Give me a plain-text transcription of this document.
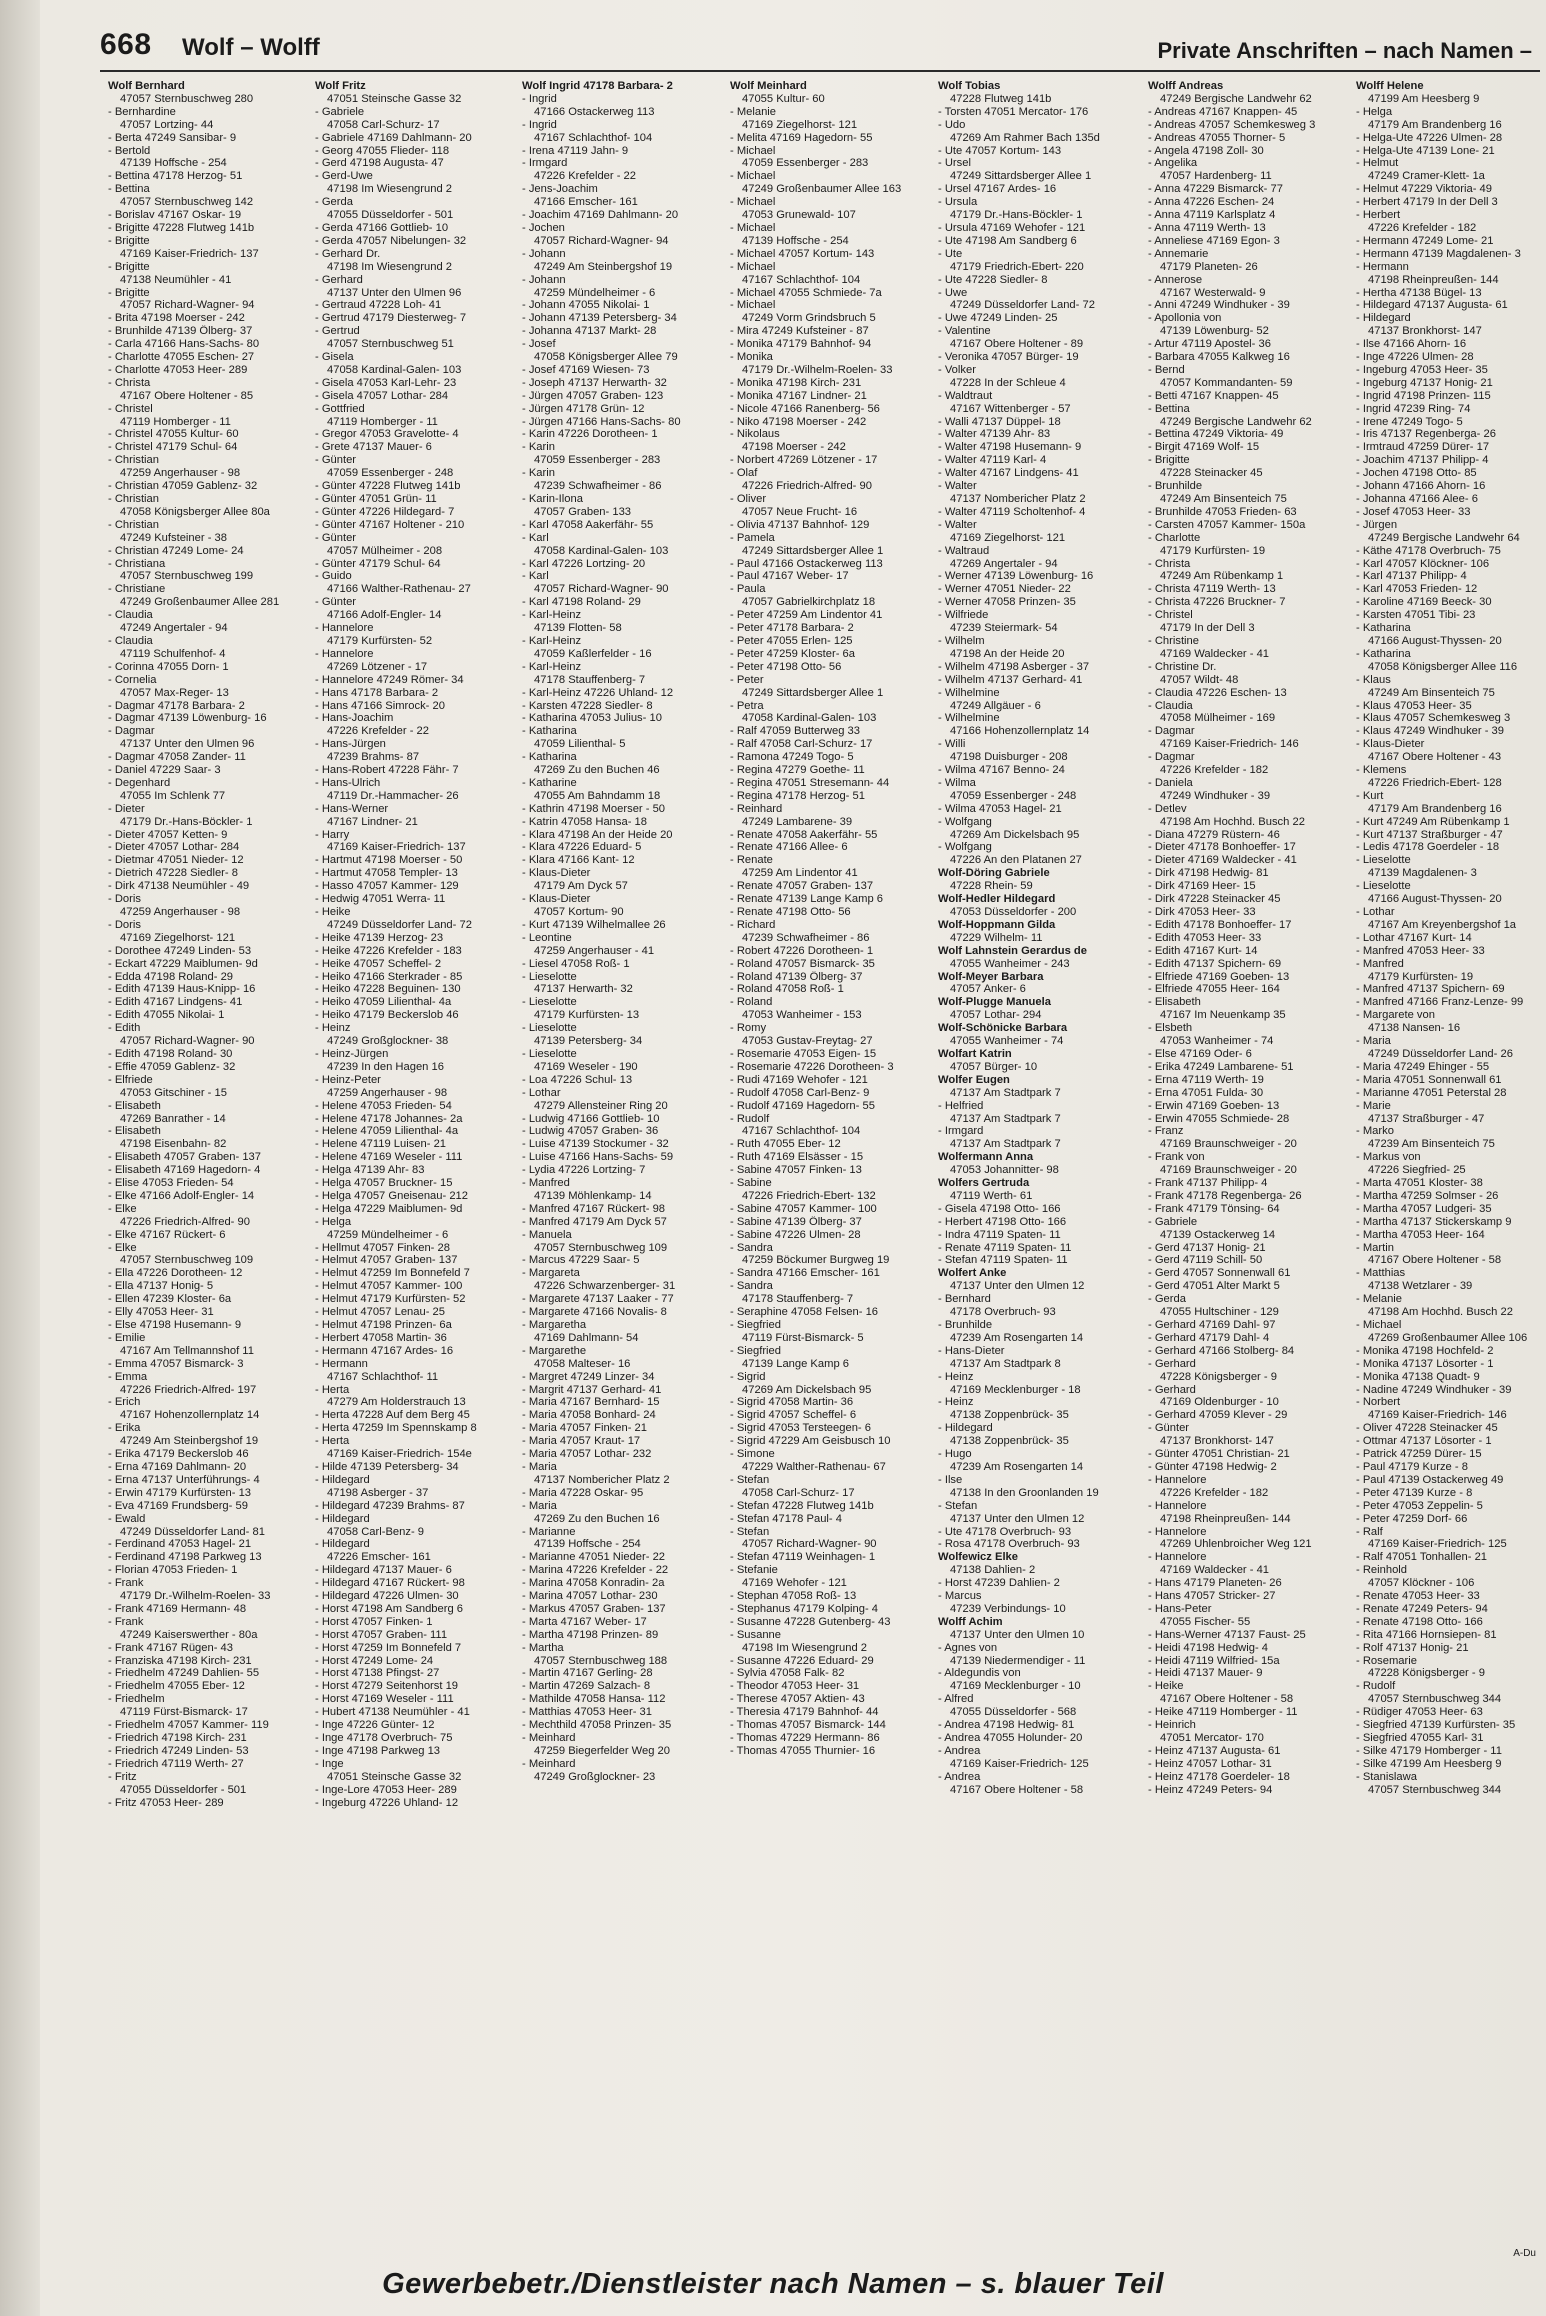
668 Wolf – Wolff	Private Anschriften – nach Namen –
Wolf Bernhard
47057 Sternbuschweg 280
- Bernhardine
47057 Lortzing- 44
- Berta 47249 Sansibar- 9
- Bertold
47139 Hoffsche - 254
- Bettina 47178 Herzog- 51
- Bettina
47057 Sternbuschweg 142
- Borislav 47167 Oskar- 19
- Brigitte 47228 Flutweg 141b
- Brigitte
47169 Kaiser-Friedrich- 137
- Brigitte
47138 Neumühler - 41
- Brigitte
47057 Richard-Wagner- 94
- Brita 47198 Moerser - 242
- Brunhilde 47139 Ölberg- 37
- Carla 47166 Hans-Sachs- 80
- Charlotte 47055 Eschen- 27
- Charlotte 47053 Heer- 289
- Christa
47167 Obere Holtener - 85
- Christel
47119 Homberger - 11
- Christel 47055 Kultur- 60
- Christel 47179 Schul- 64
- Christian
47259 Angerhauser - 98
- Christian 47059 Gablenz- 32
- Christian
47058 Königsberger Allee 80a
- Christian
47249 Kufsteiner - 38
- Christian 47249 Lome- 24
- Christiana
47057 Sternbuschweg 199
- Christiane
47249 Großenbaumer Allee 281
- Claudia
47249 Angertaler - 94
- Claudia
47119 Schulfenhof- 4
- Corinna 47055 Dorn- 1
- Cornelia
47057 Max-Reger- 13
- Dagmar 47178 Barbara- 2
- Dagmar 47139 Löwenburg- 16
- Dagmar
47137 Unter den Ulmen 96
- Dagmar 47058 Zander- 11
- Daniel 47229 Saar- 3
- Degenhard
47055 Im Schlenk 77
- Dieter
47179 Dr.-Hans-Böckler- 1
- Dieter 47057 Ketten- 9
- Dieter 47057 Lothar- 284
- Dietmar 47051 Nieder- 12
- Dietrich 47228 Siedler- 8
- Dirk 47138 Neumühler - 49
- Doris
47259 Angerhauser - 98
- Doris
47169 Ziegelhorst- 121
- Dorothee 47249 Linden- 53
- Eckart 47229 Maiblumen- 9d
- Edda 47198 Roland- 29
- Edith 47139 Haus-Knipp- 16
- Edith 47167 Lindgens- 41
- Edith 47055 Nikolai- 1
- Edith
47057 Richard-Wagner- 90
- Edith 47198 Roland- 30
- Effie 47059 Gablenz- 32
- Elfriede
47053 Gitschiner - 15
- Elisabeth
47269 Banrather - 14
- Elisabeth
47198 Eisenbahn- 82
- Elisabeth 47057 Graben- 137
- Elisabeth 47169 Hagedorn- 4
- Elise 47053 Frieden- 54
- Elke 47166 Adolf-Engler- 14
- Elke
47226 Friedrich-Alfred- 90
- Elke 47167 Rückert- 6
- Elke
47057 Sternbuschweg 109
- Ella 47226 Dorotheen- 12
- Ella 47137 Honig- 5
- Ellen 47239 Kloster- 6a
- Elly 47053 Heer- 31
- Else 47198 Husemann- 9
- Emilie
47167 Am Tellmannshof 11
- Emma 47057 Bismarck- 3
- Emma
47226 Friedrich-Alfred- 197
- Erich
47167 Hohenzollernplatz 14
- Erika
47249 Am Steinbergshof 19
- Erika 47179 Beckerslob 46
- Erna 47169 Dahlmann- 20
- Erna 47137 Unterführungs- 4
- Erwin 47179 Kurfürsten- 13
- Eva 47169 Frundsberg- 59
- Ewald
47249 Düsseldorfer Land- 81
- Ferdinand 47053 Hagel- 21
- Ferdinand 47198 Parkweg 13
- Florian 47053 Frieden- 1
- Frank
47179 Dr.-Wilhelm-Roelen- 33
- Frank 47169 Hermann- 48
- Frank
47249 Kaiserswerther - 80a
- Frank 47167 Rügen- 43
- Franziska 47198 Kirch- 231
- Friedhelm 47249 Dahlien- 55
- Friedhelm 47055 Eber- 12
- Friedhelm
47119 Fürst-Bismarck- 17
- Friedhelm 47057 Kammer- 119
- Friedrich 47198 Kirch- 231
- Friedrich 47249 Linden- 53
- Friedrich 47119 Werth- 27
- Fritz
47055 Düsseldorfer - 501
- Fritz 47053 Heer- 289
Wolf Fritz
47051 Steinsche Gasse 32
- Gabriele
47058 Carl-Schurz- 17
- Gabriele 47169 Dahlmann- 20
- Georg 47055 Flieder- 118
- Gerd 47198 Augusta- 47
- Gerd-Uwe
47198 Im Wiesengrund 2
- Gerda
47055 Düsseldorfer - 501
- Gerda 47166 Gottlieb- 10
- Gerda 47057 Nibelungen- 32
- Gerhard Dr.
47198 Im Wiesengrund 2
- Gerhard
47137 Unter den Ulmen 96
- Gertraud 47228 Loh- 41
- Gertrud 47179 Diesterweg- 7
- Gertrud
47057 Sternbuschweg 51
- Gisela
47058 Kardinal-Galen- 103
- Gisela 47053 Karl-Lehr- 23
- Gisela 47057 Lothar- 284
- Gottfried
47119 Homberger - 11
- Gregor 47053 Gravelotte- 4
- Grete 47137 Mauer- 6
- Günter
47059 Essenberger - 248
- Günter 47228 Flutweg 141b
- Günter 47051 Grün- 11
- Günter 47226 Hildegard- 7
- Günter 47167 Holtener - 210
- Günter
47057 Mülheimer - 208
- Günter 47179 Schul- 64
- Guido
47166 Walther-Rathenau- 27
- Günter
47166 Adolf-Engler- 14
- Hannelore
47179 Kurfürsten- 52
- Hannelore
47269 Lötzener - 17
- Hannelore 47249 Römer- 34
- Hans 47178 Barbara- 2
- Hans 47166 Simrock- 20
- Hans-Joachim
47226 Krefelder - 22
- Hans-Jürgen
47239 Brahms- 87
- Hans-Robert 47228 Fähr- 7
- Hans-Ulrich
47119 Dr.-Hammacher- 26
- Hans-Werner
47167 Lindner- 21
- Harry
47169 Kaiser-Friedrich- 137
- Hartmut 47198 Moerser - 50
- Hartmut 47058 Templer- 13
- Hasso 47057 Kammer- 129
- Hedwig 47051 Werra- 11
- Heike
47249 Düsseldorfer Land- 72
- Heike 47139 Herzog- 23
- Heike 47226 Krefelder - 183
- Heike 47057 Scheffel- 2
- Heiko 47166 Sterkrader - 85
- Heiko 47228 Beguinen- 130
- Heiko 47059 Lilienthal- 4a
- Heiko 47179 Beckerslob 46
- Heinz
47249 Großglockner- 38
- Heinz-Jürgen
47239 In den Hagen 16
- Heinz-Peter
47259 Angerhauser - 98
- Helene 47053 Frieden- 54
- Helene 47178 Johannes- 2a
- Helene 47059 Lilienthal- 4a
- Helene 47119 Luisen- 21
- Helene 47169 Weseler - 111
- Helga 47139 Ahr- 83
- Helga 47057 Bruckner- 15
- Helga 47057 Gneisenau- 212
- Helga 47229 Maiblumen- 9d
- Helga
47259 Mündelheimer - 6
- Hellmut 47057 Finken- 28
- Helmut 47057 Graben- 137
- Helmut 47259 Im Bonnefeld 7
- Helmut 47057 Kammer- 100
- Helmut 47179 Kurfürsten- 52
- Helmut 47057 Lenau- 25
- Helmut 47198 Prinzen- 6a
- Herbert 47058 Martin- 36
- Hermann 47167 Ardes- 16
- Hermann
47167 Schlachthof- 11
- Herta
47279 Am Holderstrauch 13
- Herta 47228 Auf dem Berg 45
- Herta 47259 Im Spennskamp 8
- Herta
47169 Kaiser-Friedrich- 154e
- Hilde 47139 Petersberg- 34
- Hildegard
47198 Asberger - 37
- Hildegard 47239 Brahms- 87
- Hildegard
47058 Carl-Benz- 9
- Hildegard
47226 Emscher- 161
- Hildegard 47137 Mauer- 6
- Hildegard 47167 Rückert- 98
- Hildegard 47226 Ulmen- 30
- Horst 47198 Am Sandberg 6
- Horst 47057 Finken- 1
- Horst 47057 Graben- 111
- Horst 47259 Im Bonnefeld 7
- Horst 47249 Lome- 24
- Horst 47138 Pfingst- 27
- Horst 47279 Seitenhorst 19
- Horst 47169 Weseler - 111
- Hubert 47138 Neumühler - 41
- Inge 47226 Günter- 12
- Inge 47178 Overbruch- 75
- Inge 47198 Parkweg 13
- Inge
47051 Steinsche Gasse 32
- Inge-Lore 47053 Heer- 289
- Ingeburg 47226 Uhland- 12
Wolf Ingrid 47178 Barbara- 2
- Ingrid
47166 Ostackerweg 113
- Ingrid
47167 Schlachthof- 104
- Irena 47119 Jahn- 9
- Irmgard
47226 Krefelder - 22
- Jens-Joachim
47166 Emscher- 161
- Joachim 47169 Dahlmann- 20
- Jochen
47057 Richard-Wagner- 94
- Johann
47249 Am Steinbergshof 19
- Johann
47259 Mündelheimer - 6
- Johann 47055 Nikolai- 1
- Johann 47139 Petersberg- 34
- Johanna 47137 Markt- 28
- Josef
47058 Königsberger Allee 79
- Josef 47169 Wiesen- 73
- Joseph 47137 Herwarth- 32
- Jürgen 47057 Graben- 123
- Jürgen 47178 Grün- 12
- Jürgen 47166 Hans-Sachs- 80
- Karin 47226 Dorotheen- 1
- Karin
47059 Essenberger - 283
- Karin
47239 Schwafheimer - 86
- Karin-Ilona
47057 Graben- 133
- Karl 47058 Aakerfähr- 55
- Karl
47058 Kardinal-Galen- 103
- Karl 47226 Lortzing- 20
- Karl
47057 Richard-Wagner- 90
- Karl 47198 Roland- 29
- Karl-Heinz
47139 Flotten- 58
- Karl-Heinz
47059 Kaßlerfelder - 16
- Karl-Heinz
47178 Stauffenberg- 7
- Karl-Heinz 47226 Uhland- 12
- Karsten 47228 Siedler- 8
- Katharina 47053 Julius- 10
- Katharina
47059 Lilienthal- 5
- Katharina
47269 Zu den Buchen 46
- Katharine
47055 Am Bahndamm 18
- Kathrin 47198 Moerser - 50
- Katrin 47058 Hansa- 18
- Klara 47198 An der Heide 20
- Klara 47226 Eduard- 5
- Klara 47166 Kant- 12
- Klaus-Dieter
47179 Am Dyck 57
- Klaus-Dieter
47057 Kortum- 90
- Kurt 47139 Wilhelmallee 26
- Leontine
47259 Angerhauser - 41
- Liesel 47058 Roß- 1
- Lieselotte
47137 Herwarth- 32
- Lieselotte
47179 Kurfürsten- 13
- Lieselotte
47139 Petersberg- 34
- Lieselotte
47169 Weseler - 190
- Loa 47226 Schul- 13
- Lothar
47279 Allensteiner Ring 20
- Ludwig 47166 Gottlieb- 10
- Ludwig 47057 Graben- 36
- Luise 47139 Stockumer - 32
- Luise 47166 Hans-Sachs- 59
- Lydia 47226 Lortzing- 7
- Manfred
47139 Möhlenkamp- 14
- Manfred 47167 Rückert- 98
- Manfred 47179 Am Dyck 57
- Manuela
47057 Sternbuschweg 109
- Marcus 47229 Saar- 5
- Margareta
47226 Schwarzenberger- 31
- Margarete 47137 Laaker - 77
- Margarete 47166 Novalis- 8
- Margaretha
47169 Dahlmann- 54
- Margarethe
47058 Malteser- 16
- Margret 47249 Linzer- 34
- Margrit 47137 Gerhard- 41
- Maria 47167 Bernhard- 15
- Maria 47058 Bonhard- 24
- Maria 47057 Finken- 21
- Maria 47057 Kraut- 17
- Maria 47057 Lothar- 232
- Maria
47137 Nombericher Platz 2
- Maria 47228 Oskar- 95
- Maria
47269 Zu den Buchen 16
- Marianne
47139 Hoffsche - 254
- Marianne 47051 Nieder- 22
- Marina 47226 Krefelder - 22
- Marina 47058 Konradin- 2a
- Marina 47057 Lothar- 230
- Markus 47057 Graben- 137
- Marta 47167 Weber- 17
- Martha 47198 Prinzen- 89
- Martha
47057 Sternbuschweg 188
- Martin 47167 Gerling- 28
- Martin 47269 Salzach- 8
- Mathilde 47058 Hansa- 112
- Matthias 47053 Heer- 31
- Mechthild 47058 Prinzen- 35
- Meinhard
47259 Biegerfelder Weg 20
- Meinhard
47249 Großglockner- 23
Wolf Meinhard
47055 Kultur- 60
- Melanie
47169 Ziegelhorst- 121
- Melita 47169 Hagedorn- 55
- Michael
47059 Essenberger - 283
- Michael
47249 Großenbaumer Allee 163
- Michael
47053 Grunewald- 107
- Michael
47139 Hoffsche - 254
- Michael 47057 Kortum- 143
- Michael
47167 Schlachthof- 104
- Michael 47055 Schmiede- 7a
- Michael
47249 Vorm Grindsbruch 5
- Mira 47249 Kufsteiner - 87
- Monika 47179 Bahnhof- 94
- Monika
47179 Dr.-Wilhelm-Roelen- 33
- Monika 47198 Kirch- 231
- Monika 47167 Lindner- 21
- Nicole 47166 Ranenberg- 56
- Niko 47198 Moerser - 242
- Nikolaus
47198 Moerser - 242
- Norbert 47269 Lötzener - 17
- Olaf
47226 Friedrich-Alfred- 90
- Oliver
47057 Neue Frucht- 16
- Olivia 47137 Bahnhof- 129
- Pamela
47249 Sittardsberger Allee 1
- Paul 47166 Ostackerweg 113
- Paul 47167 Weber- 17
- Paula
47057 Gabrielkirchplatz 18
- Peter 47259 Am Lindentor 41
- Peter 47178 Barbara- 2
- Peter 47055 Erlen- 125
- Peter 47259 Kloster- 6a
- Peter 47198 Otto- 56
- Peter
47249 Sittardsberger Allee 1
- Petra
47058 Kardinal-Galen- 103
- Ralf 47059 Butterweg 33
- Ralf 47058 Carl-Schurz- 17
- Ramona 47249 Togo- 5
- Regina 47279 Goethe- 11
- Regina 47051 Stresemann- 44
- Regina 47178 Herzog- 51
- Reinhard
47249 Lambarene- 39
- Renate 47058 Aakerfähr- 55
- Renate 47166 Allee- 6
- Renate
47259 Am Lindentor 41
- Renate 47057 Graben- 137
- Renate 47139 Lange Kamp 6
- Renate 47198 Otto- 56
- Richard
47239 Schwafheimer - 86
- Robert 47226 Dorotheen- 1
- Roland 47057 Bismarck- 35
- Roland 47139 Ölberg- 37
- Roland 47058 Roß- 1
- Roland
47053 Wanheimer - 153
- Romy
47053 Gustav-Freytag- 27
- Rosemarie 47053 Eigen- 15
- Rosemarie 47226 Dorotheen- 3
- Rudi 47169 Wehofer - 121
- Rudolf 47058 Carl-Benz- 9
- Rudolf 47169 Hagedorn- 55
- Rudolf
47167 Schlachthof- 104
- Ruth 47055 Eber- 12
- Ruth 47169 Elsässer - 15
- Sabine 47057 Finken- 13
- Sabine
47226 Friedrich-Ebert- 132
- Sabine 47057 Kammer- 100
- Sabine 47139 Ölberg- 37
- Sabine 47226 Ulmen- 28
- Sandra
47259 Böckumer Burgweg 19
- Sandra 47166 Emscher- 161
- Sandra
47178 Stauffenberg- 7
- Seraphine 47058 Felsen- 16
- Siegfried
47119 Fürst-Bismarck- 5
- Siegfried
47139 Lange Kamp 6
- Sigrid
47269 Am Dickelsbach 95
- Sigrid 47058 Martin- 36
- Sigrid 47057 Scheffel- 6
- Sigrid 47053 Tersteegen- 6
- Sigrid 47229 Am Geisbusch 10
- Simone
47229 Walther-Rathenau- 67
- Stefan
47058 Carl-Schurz- 17
- Stefan 47228 Flutweg 141b
- Stefan 47178 Paul- 4
- Stefan
47057 Richard-Wagner- 90
- Stefan 47119 Weinhagen- 1
- Stefanie
47169 Wehofer - 121
- Stephan 47058 Roß- 13
- Stephanus 47179 Kolping- 4
- Susanne 47228 Gutenberg- 43
- Susanne
47198 Im Wiesengrund 2
- Susanne 47226 Eduard- 29
- Sylvia 47058 Falk- 82
- Theodor 47053 Heer- 31
- Therese 47057 Aktien- 43
- Theresia 47179 Bahnhof- 44
- Thomas 47057 Bismarck- 144
- Thomas 47229 Hermann- 86
- Thomas 47055 Thurnier- 16
Wolf Tobias
47228 Flutweg 141b
- Torsten 47051 Mercator- 176
- Udo
47269 Am Rahmer Bach 135d
- Ute 47057 Kortum- 143
- Ursel
47249 Sittardsberger Allee 1
- Ursel 47167 Ardes- 16
- Ursula
47179 Dr.-Hans-Böckler- 1
- Ursula 47169 Wehofer - 121
- Ute 47198 Am Sandberg 6
- Ute
47179 Friedrich-Ebert- 220
- Ute 47228 Siedler- 8
- Uwe
47249 Düsseldorfer Land- 72
- Uwe 47249 Linden- 25
- Valentine
47167 Obere Holtener - 89
- Veronika 47057 Bürger- 19
- Volker
47228 In der Schleue 4
- Waldtraut
47167 Wittenberger - 57
- Walli 47137 Düppel- 18
- Walter 47139 Ahr- 83
- Walter 47198 Husemann- 9
- Walter 47119 Karl- 4
- Walter 47167 Lindgens- 41
- Walter
47137 Nombericher Platz 2
- Walter 47119 Scholtenhof- 4
- Walter
47169 Ziegelhorst- 121
- Waltraud
47269 Angertaler - 94
- Werner 47139 Löwenburg- 16
- Werner 47051 Nieder- 22
- Werner 47058 Prinzen- 35
- Wilfriede
47239 Steiermark- 54
- Wilhelm
47198 An der Heide 20
- Wilhelm 47198 Asberger - 37
- Wilhelm 47137 Gerhard- 41
- Wilhelmine
47249 Allgäuer - 6
- Wilhelmine
47166 Hohenzollernplatz 14
- Willi
47198 Duisburger - 208
- Wilma 47167 Benno- 24
- Wilma
47059 Essenberger - 248
- Wilma 47053 Hagel- 21
- Wolfgang
47269 Am Dickelsbach 95
- Wolfgang
47226 An den Platanen 27
Wolf-Döring Gabriele
47228 Rhein- 59
Wolf-Hedler Hildegard
47053 Düsseldorfer - 200
Wolf-Hoppmann Gilda
47229 Wilhelm- 11
Wolf Lahnstein Gerardus de
47055 Wanheimer - 243
Wolf-Meyer Barbara
47057 Anker- 6
Wolf-Plugge Manuela
47057 Lothar- 294
Wolf-Schönicke Barbara
47055 Wanheimer - 74
Wolfart Katrin
47057 Bürger- 10
Wolfer Eugen
47137 Am Stadtpark 7
- Helfried
47137 Am Stadtpark 7
- Irmgard
47137 Am Stadtpark 7
Wolfermann Anna
47053 Johannitter- 98
Wolfers Gertruda
47119 Werth- 61
- Gisela 47198 Otto- 166
- Herbert 47198 Otto- 166
- Indra 47119 Spaten- 11
- Renate 47119 Spaten- 11
- Stefan 47119 Spaten- 11
Wolfert Anke
47137 Unter den Ulmen 12
- Bernhard
47178 Overbruch- 93
- Brunhilde
47239 Am Rosengarten 14
- Hans-Dieter
47137 Am Stadtpark 8
- Heinz
47169 Mecklenburger - 18
- Heinz
47138 Zoppenbrück- 35
- Hildegard
47138 Zoppenbrück- 35
- Hugo
47239 Am Rosengarten 14
- Ilse
47138 In den Groonlanden 19
- Stefan
47137 Unter den Ulmen 12
- Ute 47178 Overbruch- 93
- Rosa 47178 Overbruch- 93
Wolfewicz Elke
47138 Dahlien- 2
- Horst 47239 Dahlien- 2
- Marcus
47239 Verbindungs- 10
Wolff Achim
47137 Unter den Ulmen 10
- Agnes von
47139 Niedermendiger - 11
- Aldegundis von
47169 Mecklenburger - 10
- Alfred
47055 Düsseldorfer - 568
- Andrea 47198 Hedwig- 81
- Andrea 47055 Holunder- 20
- Andrea
47169 Kaiser-Friedrich- 125
- Andrea
47167 Obere Holtener - 58
Wolff Andreas
47249 Bergische Landwehr 62
- Andreas 47167 Knappen- 45
- Andreas 47057 Schemkesweg 3
- Andreas 47055 Thorner- 5
- Angela 47198 Zoll- 30
- Angelika
47057 Hardenberg- 11
- Anna 47229 Bismarck- 77
- Anna 47226 Eschen- 24
- Anna 47119 Karlsplatz 4
- Anna 47119 Werth- 13
- Anneliese 47169 Egon- 3
- Annemarie
47179 Planeten- 26
- Annerose
47167 Westerwald- 9
- Anni 47249 Windhuker - 39
- Apollonia von
47139 Löwenburg- 52
- Artur 47119 Apostel- 36
- Barbara 47055 Kalkweg 16
- Bernd
47057 Kommandanten- 59
- Betti 47167 Knappen- 45
- Bettina
47249 Bergische Landwehr 62
- Bettina 47249 Viktoria- 49
- Birgit 47169 Wolf- 15
- Brigitte
47228 Steinacker 45
- Brunhilde
47249 Am Binsenteich 75
- Brunhilde 47053 Frieden- 63
- Carsten 47057 Kammer- 150a
- Charlotte
47179 Kurfürsten- 19
- Christa
47249 Am Rübenkamp 1
- Christa 47119 Werth- 13
- Christa 47226 Bruckner- 7
- Christel
47179 In der Dell 3
- Christine
47169 Waldecker - 41
- Christine Dr.
47057 Wildt- 48
- Claudia 47226 Eschen- 13
- Claudia
47058 Mülheimer - 169
- Dagmar
47169 Kaiser-Friedrich- 146
- Dagmar
47226 Krefelder - 182
- Daniela
47249 Windhuker - 39
- Detlev
47198 Am Hochhd. Busch 22
- Diana 47279 Rüstern- 46
- Dieter 47178 Bonhoeffer- 17
- Dieter 47169 Waldecker - 41
- Dirk 47198 Hedwig- 81
- Dirk 47169 Heer- 15
- Dirk 47228 Steinacker 45
- Dirk 47053 Heer- 33
- Edith 47178 Bonhoeffer- 17
- Edith 47053 Heer- 33
- Edith 47167 Kurt- 14
- Edith 47137 Spichern- 69
- Elfriede 47169 Goeben- 13
- Elfriede 47055 Heer- 164
- Elisabeth
47167 Im Neuenkamp 35
- Elsbeth
47053 Wanheimer - 74
- Else 47169 Oder- 6
- Erika 47249 Lambarene- 51
- Erna 47119 Werth- 19
- Erna 47051 Fulda- 30
- Erwin 47169 Goeben- 13
- Erwin 47055 Schmiede- 28
- Franz
47169 Braunschweiger - 20
- Frank von
47169 Braunschweiger - 20
- Frank 47137 Philipp- 4
- Frank 47178 Regenberga- 26
- Frank 47179 Tönsing- 64
- Gabriele
47139 Ostackerweg 14
- Gerd 47137 Honig- 21
- Gerd 47119 Schill- 50
- Gerd 47057 Sonnenwall 61
- Gerd 47051 Alter Markt 5
- Gerda
47055 Hultschiner - 129
- Gerhard 47169 Dahl- 97
- Gerhard 47179 Dahl- 4
- Gerhard 47166 Stolberg- 84
- Gerhard
47228 Königsberger - 9
- Gerhard
47169 Oldenburger - 10
- Gerhard 47059 Klever - 29
- Günter
47137 Bronkhorst- 147
- Günter 47051 Christian- 21
- Günter 47198 Hedwig- 2
- Hannelore
47226 Krefelder - 182
- Hannelore
47198 Rheinpreußen- 144
- Hannelore
47269 Uhlenbroicher Weg 121
- Hannelore
47169 Waldecker - 41
- Hans 47179 Planeten- 26
- Hans 47057 Stricker- 27
- Hans-Peter
47055 Fischer- 55
- Hans-Werner 47137 Faust- 25
- Heidi 47198 Hedwig- 4
- Heidi 47119 Wilfried- 15a
- Heidi 47137 Mauer- 9
- Heike
47167 Obere Holtener - 58
- Heike 47119 Homberger - 11
- Heinrich
47051 Mercator- 170
- Heinz 47137 Augusta- 61
- Heinz 47057 Lothar- 31
- Heinz 47178 Goerdeler- 18
- Heinz 47249 Peters- 94
Wolff Helene
47199 Am Heesberg 9
- Helga
47179 Am Brandenberg 16
- Helga-Ute 47226 Ulmen- 28
- Helga-Ute 47139 Lone- 21
- Helmut
47249 Cramer-Klett- 1a
- Helmut 47229 Viktoria- 49
- Herbert 47179 In der Dell 3
- Herbert
47226 Krefelder - 182
- Hermann 47249 Lome- 21
- Hermann 47139 Magdalenen- 3
- Hermann
47198 Rheinpreußen- 144
- Hertha 47138 Bügel- 13
- Hildegard 47137 Augusta- 61
- Hildegard
47137 Bronkhorst- 147
- Ilse 47166 Ahorn- 16
- Inge 47226 Ulmen- 28
- Ingeburg 47053 Heer- 35
- Ingeburg 47137 Honig- 21
- Ingrid 47198 Prinzen- 115
- Ingrid 47239 Ring- 74
- Irene 47249 Togo- 5
- Iris 47137 Regenberga- 26
- Irmtraud 47259 Dürer- 17
- Joachim 47137 Philipp- 4
- Jochen 47198 Otto- 85
- Johann 47166 Ahorn- 16
- Johanna 47166 Alee- 6
- Josef 47053 Heer- 33
- Jürgen
47249 Bergische Landwehr 64
- Käthe 47178 Overbruch- 75
- Karl 47057 Klöckner- 106
- Karl 47137 Philipp- 4
- Karl 47053 Frieden- 12
- Karoline 47169 Beeck- 30
- Karsten 47051 Tibi- 23
- Katharina
47166 August-Thyssen- 20
- Katharina
47058 Königsberger Allee 116
- Klaus
47249 Am Binsenteich 75
- Klaus 47053 Heer- 35
- Klaus 47057 Schemkesweg 3
- Klaus 47249 Windhuker - 39
- Klaus-Dieter
47167 Obere Holtener - 43
- Klemens
47226 Friedrich-Ebert- 128
- Kurt
47179 Am Brandenberg 16
- Kurt 47249 Am Rübenkamp 1
- Kurt 47137 Straßburger - 47
- Ledis 47178 Goerdeler - 18
- Lieselotte
47139 Magdalenen- 3
- Lieselotte
47166 August-Thyssen- 20
- Lothar
47167 Am Kreyenbergshof 1a
- Lothar 47167 Kurt- 14
- Manfred 47053 Heer- 33
- Manfred
47179 Kurfürsten- 19
- Manfred 47137 Spichern- 69
- Manfred 47166 Franz-Lenze- 99
- Margarete von
47138 Nansen- 16
- Maria
47249 Düsseldorfer Land- 26
- Maria 47249 Ehinger - 55
- Maria 47051 Sonnenwall 61
- Marianne 47051 Peterstal 28
- Marie
47137 Straßburger - 47
- Marko
47239 Am Binsenteich 75
- Markus von
47226 Siegfried- 25
- Marta 47051 Kloster- 38
- Martha 47259 Solmser - 26
- Martha 47057 Ludgeri- 35
- Martha 47137 Stickerskamp 9
- Martha 47053 Heer- 164
- Martin
47167 Obere Holtener - 58
- Matthias
47138 Wetzlarer - 39
- Melanie
47198 Am Hochhd. Busch 22
- Michael
47269 Großenbaumer Allee 106
- Monika 47198 Hochfeld- 2
- Monika 47137 Lösorter - 1
- Monika 47138 Quadt- 9
- Nadine 47249 Windhuker - 39
- Norbert
47169 Kaiser-Friedrich- 146
- Oliver 47228 Steinacker 45
- Ottmar 47137 Lösorter - 1
- Patrick 47259 Dürer- 15
- Paul 47179 Kurze - 8
- Paul 47139 Ostackerweg 49
- Peter 47139 Kurze - 8
- Peter 47053 Zeppelin- 5
- Peter 47259 Dorf- 66
- Ralf
47169 Kaiser-Friedrich- 125
- Ralf 47051 Tonhallen- 21
- Reinhold
47057 Klöckner - 106
- Renate 47053 Heer- 33
- Renate 47249 Peters- 94
- Renate 47198 Otto- 166
- Rita 47166 Hornsiepen- 81
- Rolf 47137 Honig- 21
- Rosemarie
47228 Königsberger - 9
- Rudolf
47057 Sternbuschweg 344
- Rüdiger 47053 Heer- 63
- Siegfried 47139 Kurfürsten- 35
- Siegfried 47055 Karl- 31
- Silke 47179 Homberger - 11
- Silke 47199 Am Heesberg 9
- Stanislawa
47057 Sternbuschweg 344
A-Du
Gewerbebetr./Dienstleister nach Namen – s. blauer Teil
